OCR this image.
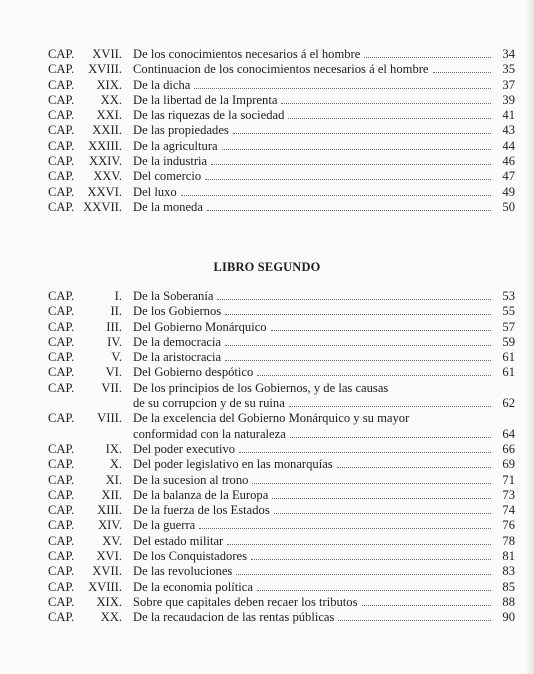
CAP.	XVII. De los conocimientos necesarios á el hombre	34
CAP.	XVIII. Continuacion de los conocimientos necesarios á el hombre	35
CAP.	XIX. De la dicha	37
CAP.	XX. De la libertad de la Imprenta	39
CAP.	XXI. De las riquezas de la sociedad	41
CAP.	XXII. De las propiedades	43
CAP.	XXIII. De la agricultura	44
CAP.	XXIV. De la industria	46
CAP.	XXV. Del comercio	47
CAP.	XXVI. Del luxo	49
CAP. XXVII. De la moneda	50
LIBRO SEGUNDO
CAP.	I. De la Soberanía	53
CAP.	II. De los Gobiernos	55
CAP.	III. Del Gobierno Monárquico	57
CAP.	IV. De la democracia	59
CAP.	V. De la aristocracia	61
CAP.	VI. Del Gobierno despótico	61
CAP.	VII. De los principios de los Gobiernos, y de las causas
de su corrupcion y de su ruina	62
CAP.	VIII. De la excelencia del Gobierno Monárquico y su mayor
conformidad con la naturaleza	64
CAP.	IX. Del poder executivo	66
CAP.	X. Del poder legislativo en las monarquías	69
CAP.	XI. De la sucesion al trono	71
CAP.	XII. De la balanza de la Europa	73
CAP.	XIII. De la fuerza de los Estados	74
CAP.	XIV. De la guerra	76
CAP.	XV. Del estado militar	78
CAP.	XVI. De los Conquistadores	81
CAP.	XVII. De las revoluciones	83
CAP.	XVIII. De la economia política	85
CAP.	XIX. Sobre que capitales deben recaer los tributos	88
CAP.	XX. De la recaudacion de las rentas públicas	90
